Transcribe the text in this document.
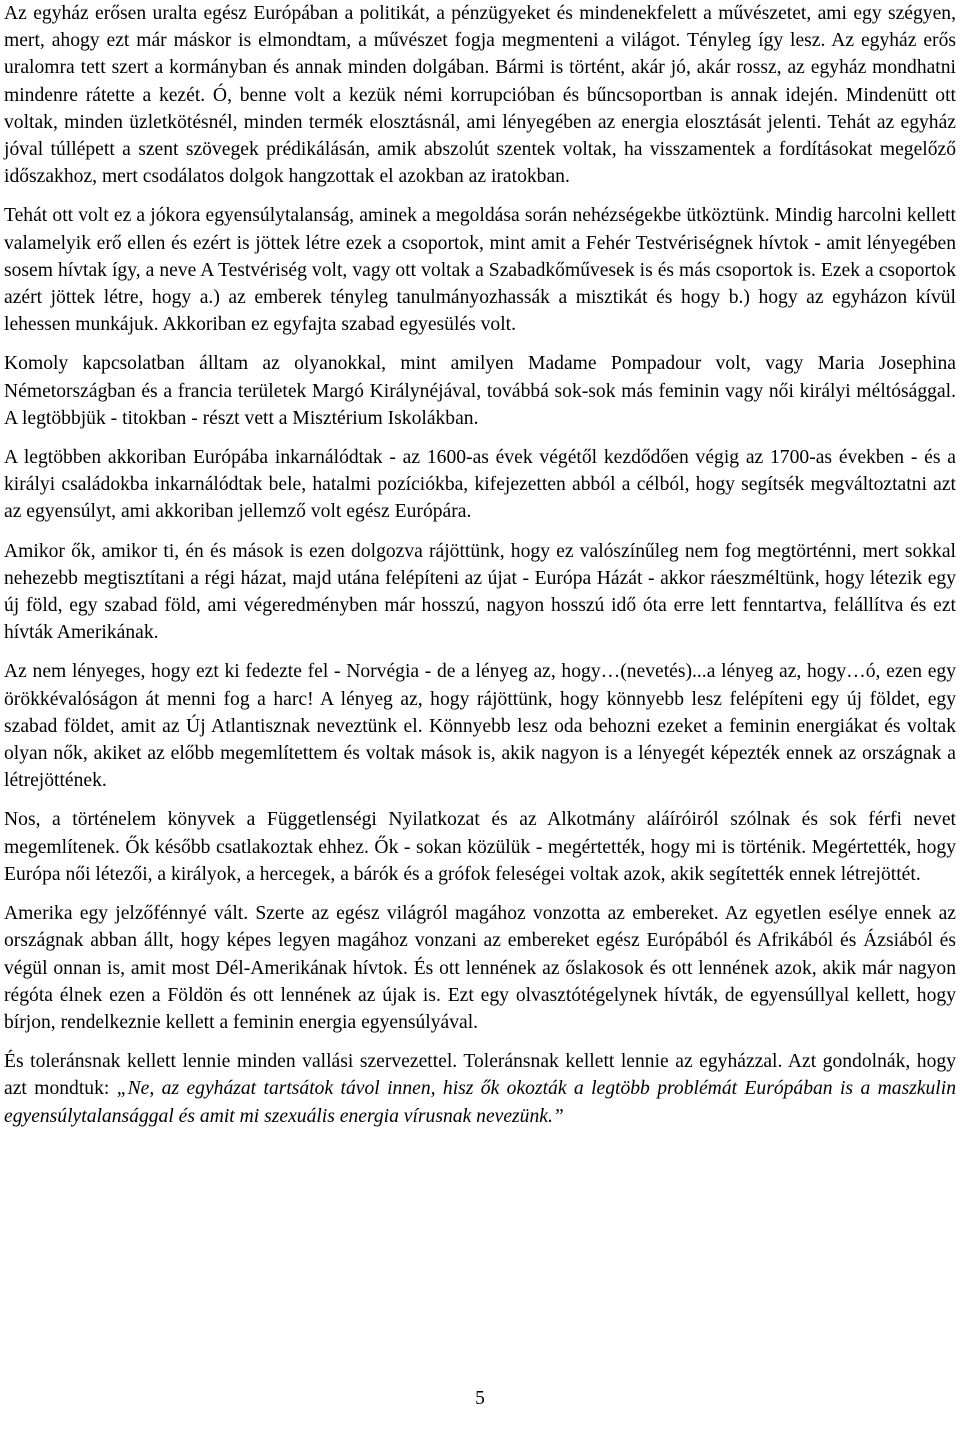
Az egyház erősen uralta egész Európában a politikát, a pénzügyeket és mindenekfelett a művészetet, ami egy szégyen, mert, ahogy ezt már máskor is elmondtam, a művészet fogja megmenteni a világot. Tényleg így lesz. Az egyház erős uralomra tett szert a kormányban és annak minden dolgában. Bármi is történt, akár jó, akár rossz, az egyház mondhatni mindenre rátette a kezét. Ó, benne volt a kezük némi korrupcióban és bűncsoportban is annak idején. Mindenütt ott voltak, minden üzletkötésnél, minden termék elosztásnál, ami lényegében az energia elosztását jelenti. Tehát az egyház jóval túllépett a szent szövegek prédikálásán, amik abszolút szentek voltak, ha visszamentek a fordításokat megelőző időszakhoz, mert csodálatos dolgok hangzottak el azokban az iratokban.

Tehát ott volt ez a jókora egyensúlytalanság, aminek a megoldása során nehézségekbe ütköztünk. Mindig harcolni kellett valamelyik erő ellen és ezért is jöttek létre ezek a csoportok, mint amit a Fehér Testvériségnek hívtok - amit lényegében sosem hívtak így, a neve A Testvériség volt, vagy ott voltak a Szabadkőművesek is és más csoportok is. Ezek a csoportok azért jöttek létre, hogy a.) az emberek tényleg tanulmányozhassák a misztikát és hogy b.) hogy az egyházon kívül lehessen munkájuk. Akkoriban ez egyfajta szabad egyesülés volt.

Komoly kapcsolatban álltam az olyanokkal, mint amilyen Madame Pompadour volt, vagy Maria Josephina Németországban és a francia területek Margó Királynéjával, továbbá sok-sok más feminin vagy női királyi méltósággal. A legtöbbjük - titokban - részt vett a Misztérium Iskolákban.

A legtöbben akkoriban Európába inkarnálódtak - az 1600-as évek végétől kezdődően végig az 1700-as években - és a királyi családokba inkarnálódtak bele, hatalmi pozíciókba, kifejezetten abból a célból, hogy segítsék megváltoztatni azt az egyensúlyt, ami akkoriban jellemző volt egész Európára.

Amikor ők, amikor ti, én és mások is ezen dolgozva rájöttünk, hogy ez valószínűleg nem fog megtörténni, mert sokkal nehezebb megtisztítani a régi házat, majd utána felépíteni az újat - Európa Házát - akkor ráeszméltünk, hogy létezik egy új föld, egy szabad föld, ami végeredményben már hosszú, nagyon hosszú idő óta erre lett fenntartva, felállítva és ezt hívták Amerikának.

Az nem lényeges, hogy ezt ki fedezte fel - Norvégia - de a lényeg az, hogy…(nevetés)...a lényeg az, hogy…ó, ezen egy örökkévalóságon át menni fog a harc! A lényeg az, hogy rájöttünk, hogy könnyebb lesz felépíteni egy új földet, egy szabad földet, amit az Új Atlantisznak neveztünk el. Könnyebb lesz oda behozni ezeket a feminin energiákat és voltak olyan nők, akiket az előbb megemlítettem és voltak mások is, akik nagyon is a lényegét képezték ennek az országnak a létrejöttének.

Nos, a történelem könyvek a Függetlenségi Nyilatkozat és az Alkotmány aláíróiról szólnak és sok férfi nevet megemlítenek. Ők később csatlakoztak ehhez. Ők - sokan közülük - megértették, hogy mi is történik. Megértették, hogy Európa női létezői, a királyok, a hercegek, a bárók és a grófok feleségei voltak azok, akik segítették ennek létrejöttét.

Amerika egy jelzőfénnyé vált. Szerte az egész világról magához vonzotta az embereket. Az egyetlen esélye ennek az országnak abban állt, hogy képes legyen magához vonzani az embereket egész Európából és Afrikából és Ázsiából és végül onnan is, amit most Dél-Amerikának hívtok. És ott lennének az őslakosok és ott lennének azok, akik már nagyon régóta élnek ezen a Földön és ott lennének az újak is. Ezt egy olvasztótégelynek hívták, de egyensúllyal kellett, hogy bírjon, rendelkeznie kellett a feminin energia egyensúlyával.

És toleránsnak kellett lennie minden vallási szervezettel. Toleránsnak kellett lennie az egyházzal. Azt gondolnák, hogy azt mondtuk: „Ne, az egyházat tartsátok távol innen, hisz ők okozták a legtöbb problémát Európában is a maszkulin egyensúlytalansággal és amit mi szexuális energia vírusnak nevezünk.”

5
